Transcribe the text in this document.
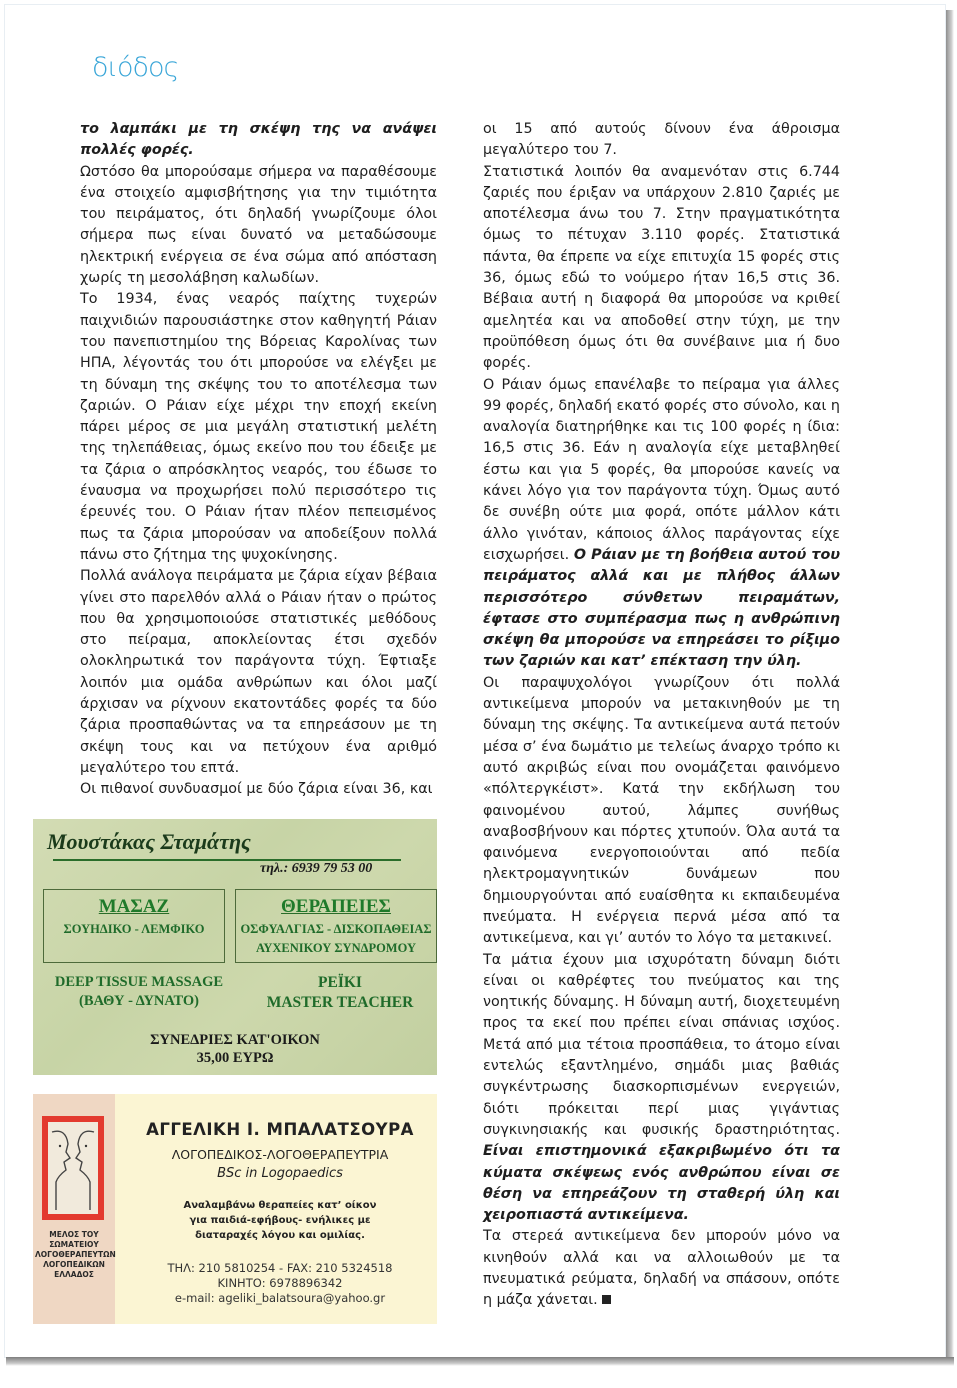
διόδος

το λαμπάκι με τη σκέψη της να ανάψει πολλές φορές.

Ωστόσο θα μπορούσαμε σήμερα να παραθέσουμε ένα στοιχείο αμφισβήτησης για την τιμιότητα του πειράματος, ότι δηλαδή γνωρίζουμε όλοι σήμερα πως είναι δυνατό να μεταδώσουμε ηλεκτρική ενέργεια σε ένα σώμα από απόσταση χωρίς τη μεσολάβηση καλωδίων.

Το 1934, ένας νεαρός παίχτης τυχερών παιχνιδιών παρουσιάστηκε στον καθηγητή Ράιαν του πανεπιστημίου της Βόρειας Καρολίνας των ΗΠΑ, λέγοντάς του ότι μπορούσε να ελέγξει με τη δύναμη της σκέψης του το αποτέλεσμα των ζαριών. Ο Ράιαν είχε μέχρι την εποχή εκείνη πάρει μέρος σε μια μεγάλη στατιστική μελέτη της τηλεπάθειας, όμως εκείνο που του έδειξε με τα ζάρια ο απρόσκλητος νεαρός, του έδωσε το έναυσμα να προχωρήσει πολύ περισσότερο τις έρευνές του. Ο Ράιαν ήταν πλέον πεπεισμένος πως τα ζάρια μπορούσαν να αποδείξουν πολλά πάνω στο ζήτημα της ψυχοκίνησης.

Πολλά ανάλογα πειράματα με ζάρια είχαν βέβαια γίνει στο παρελθόν αλλά ο Ράιαν ήταν ο πρώτος που θα χρησιμοποιούσε στατιστικές μεθόδους στο πείραμα, αποκλείοντας έτσι σχεδόν ολοκληρωτικά τον παράγοντα τύχη. Έφτιαξε λοιπόν μια ομάδα ανθρώπων και όλοι μαζί άρχισαν να ρίχνουν εκατοντάδες φορές τα δύο ζάρια προσπαθώντας να τα επηρεάσουν με τη σκέψη τους και να πετύχουν ένα αριθμό μεγαλύτερο του επτά.

Οι πιθανοί συνδυασμοί με δύο ζάρια είναι 36, και

οι 15 από αυτούς δίνουν ένα άθροισμα μεγαλύτερο του 7.

Στατιστικά λοιπόν θα αναμενόταν στις 6.744 ζαριές που έριξαν να υπάρχουν 2.810 ζαριές με αποτέλεσμα άνω του 7. Στην πραγματικότητα όμως το πέτυχαν 3.110 φορές. Στατιστικά πάντα, θα έπρεπε να είχε επιτυχία 15 φορές στις 36, όμως εδώ το νούμερο ήταν 16,5 στις 36. Βέβαια αυτή η διαφορά θα μπορούσε να κριθεί αμελητέα και να αποδοθεί στην τύχη, με την προϋπόθεση όμως ότι θα συνέβαινε μια ή δυο φορές.

Ο Ράιαν όμως επανέλαβε το πείραμα για άλλες 99 φορές, δηλαδή εκατό φορές στο σύνολο, και η αναλογία διατηρήθηκε και τις 100 φορές η ίδια: 16,5 στις 36. Εάν η αναλογία είχε μεταβληθεί έστω και για 5 φορές, θα μπορούσε κανείς να κάνει λόγο για τον παράγοντα τύχη. Όμως αυτό δε συνέβη ούτε μια φορά, οπότε μάλλον κάτι άλλο γινόταν, κάποιος άλλος παράγοντας είχε εισχωρήσει. Ο Ράιαν με τη βοήθεια αυτού του πειράματος αλλά και με πλήθος άλλων περισσότερο σύνθετων πειραμάτων, έφτασε στο συμπέρασμα πως η ανθρώπινη σκέψη θα μπορούσε να επηρεάσει το ρίξιμο των ζαριών και κατ’ επέκταση την ύλη.

Οι παραψυχολόγοι γνωρίζουν ότι πολλά αντικείμενα μπορούν να μετακινηθούν με τη δύναμη της σκέψης. Τα αντικείμενα αυτά πετούν μέσα σ’ ένα δωμάτιο με τελείως άναρχο τρόπο κι αυτό ακριβώς είναι που ονομάζεται φαινόμενο «πόλτεργκέιστ». Κατά την εκδήλωση του φαινομένου αυτού, λάμπες συνήθως αναβοσβήνουν και πόρτες χτυπούν. Όλα αυτά τα φαινόμενα ενεργοποιούνται από πεδία ηλεκτρομαγνητικών δυνάμεων που δημιουργούνται από ευαίσθητα κι εκπαιδευμένα πνεύματα. Η ενέργεια περνά μέσα από τα αντικείμενα, και γι’ αυτόν το λόγο τα μετακινεί.

Τα μάτια έχουν μια ισχυρότατη δύναμη διότι είναι οι καθρέφτες του πνεύματος και της νοητικής δύναμης. Η δύναμη αυτή, διοχετευμένη προς τα εκεί που πρέπει είναι σπάνιας ισχύος. Μετά από μια τέτοια προσπάθεια, το άτομο είναι εντελώς εξαντλημένο, σημάδι μιας βαθιάς συγκέντρωσης διασκορπισμένων ενεργειών, διότι πρόκειται περί μιας γιγάντιας συγκινησιακής και φυσικής δραστηριότητας. Είναι επιστημονικά εξακριβωμένο ότι τα κύματα σκέψεως ενός ανθρώπου είναι σε θέση να επηρεάζουν τη σταθερή ύλη και χειροπιαστά αντικείμενα.

Τα στερεά αντικείμενα δεν μπορούν μόνο να κινηθούν αλλά και να αλλοιωθούν με τα πνευματικά ρεύματα, δηλαδή να σπάσουν, οπότε η μάζα χάνεται.

Μουστάκας Σταμάτης
τηλ.: 6939 79 53 00
ΜΑΣΑΖ
ΣΟΥΗΔΙΚΟ - ΛΕΜΦΙΚΟ
ΘΕΡΑΠΕΙΕΣ
ΟΣΦΥΑΛΓΙΑΣ - ΔΙΣΚΟΠΑΘΕΙΑΣ
ΑΥΧΕΝΙΚΟΥ ΣΥΝΔΡΟΜΟΥ
DEEP TISSUE MASSAGE
(ΒΑΘΥ - ΔΥΝΑΤΟ)
ΡΕΪΚΙ
MASTER TEACHER
ΣΥΝΕΔΡΙΕΣ ΚΑΤ'ΟΙΚΟΝ
35,00 ΕΥΡΩ
ΜΕΛΟΣ ΤΟΥ ΣΩΜΑΤΕΙΟΥ
ΛΟΓΟΘΕΡΑΠΕΥΤΩΝ
ΛΟΓΟΠΕΔΙΚΩΝ ΕΛΛΑΔΟΣ
ΑΓΓΕΛΙΚΗ Ι. ΜΠΑΛΑΤΣΟΥΡΑ
ΛΟΓΟΠΕΔΙΚΟΣ-ΛΟΓΟΘΕΡΑΠΕΥΤΡΙΑ
BSc in Logopaedics
Αναλαμβάνω θεραπείες κατ’ οίκον
για παιδιά-εφήβους- ενήλικες με
διαταραχές λόγου και ομιλίας.
ΤΗΛ: 210 5810254 - FAX: 210 5324518
ΚΙΝΗΤΟ: 6978896342
e-mail: ageliki_balatsoura@yahoo.gr
